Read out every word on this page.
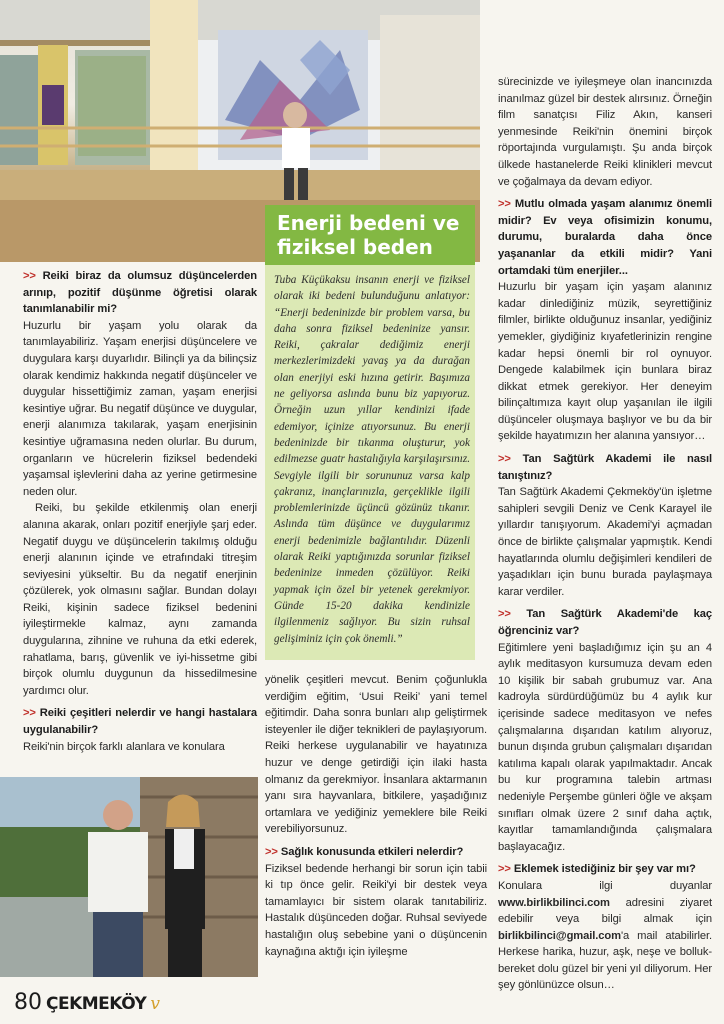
>> Reiki biraz da olumsuz düşüncelerden arınıp, pozitif düşünme öğretisi olarak tanımlanabilir mi?

Huzurlu bir yaşam yolu olarak da tanımlayabiliriz. Yaşam enerjisi düşüncelere ve duygulara karşı duyarlıdır. Bilinçli ya da bilinçsiz olarak kendimiz hakkında negatif düşünceler ve duygular hissettiğimiz zaman, yaşam enerjisi kesintiye uğrar. Bu negatif düşünce ve duygular, enerji alanımıza takılarak, yaşam enerjisinin kesintiye uğramasına neden olurlar. Bu durum, organların ve hücrelerin fiziksel bedendeki yaşamsal işlevlerini daha az yerine getirmesine neden olur.

Reiki, bu şekilde etkilenmiş olan enerji alanına akarak, onları pozitif enerjiyle şarj eder. Negatif duygu ve düşüncelerin takılmış olduğu enerji alanının içinde ve etrafındaki titreşim seviyesini yükseltir. Bu da negatif enerjinin çözülerek, yok olmasını sağlar. Bundan dolayı Reiki, kişinin sadece fiziksel bedenini iyileştirmekle kalmaz, aynı zamanda duygularına, zihnine ve ruhuna da etki ederek, rahatlama, barış, güvenlik ve iyi-hissetme gibi birçok olumlu duygunun da hissedilmesine yardımcı olur.

>> Reiki çeşitleri nelerdir ve hangi hastalara uygulanabilir?

Reiki'nin birçok farklı alanlara ve konulara

Enerji bedeni ve fiziksel beden

Tuba Küçükaksu insanın enerji ve fiziksel olarak iki bedeni bulunduğunu anlatıyor: “Enerji bedeninizde bir problem varsa, bu daha sonra fiziksel bedeninize yansır. Reiki, çakralar dediğimiz enerji merkezlerimizdeki yavaş ya da durağan olan enerjiyi eski hızına getirir. Başımıza ne geliyorsa aslında bunu biz yapıyoruz. Örneğin uzun yıllar kendinizi ifade edemiyor, içinize atıyorsunuz. Bu enerji bedeninizde bir tıkanma oluşturur, yok edilmezse guatr hastalığıyla karşılaşırsınız. Sevgiyle ilgili bir sorununuz varsa kalp çakranız, inançlarınızla, gerçeklikle ilgili problemlerinizde üçüncü gözünüz tıkanır. Aslında tüm düşünce ve duygularımız enerji bedenimizle bağlantılıdır. Düzenli olarak Reiki yaptığınızda sorunlar fiziksel bedeninize inmeden çözülüyor. Reiki yapmak için özel bir yetenek gerekmiyor. Günde 15-20 dakika kendinizle ilgilenmeniz sağlıyor. Bu sizin ruhsal gelişiminiz için çok önemli.”

yönelik çeşitleri mevcut. Benim çoğunlukla verdiğim eğitim, ‘Usui Reiki’ yani temel eğitimdir. Daha sonra bunları alıp geliştirmek isteyenler ile diğer teknikleri de paylaşıyorum. Reiki herkese uygulanabilir ve hayatınıza huzur ve denge getirdiği için ilaki hasta olmanız da gerekmiyor. İnsanlara aktarmanın yanı sıra hayvanlara, bitkilere, yaşadığınız ortamlara ve yediğiniz yemeklere bile Reiki verebiliyorsunuz.

>> Sağlık konusunda etkileri nelerdir?

Fiziksel bedende herhangi bir sorun için tabii ki tıp önce gelir. Reiki'yi bir destek veya tamamlayıcı bir sistem olarak tanıtabiliriz. Hastalık düşünceden doğar. Ruhsal seviyede hastalığın oluş sebebine yani o düşüncenin kaynağına aktığı için iyileşme

sürecinizde ve iyileşmeye olan inancınızda inanılmaz güzel bir destek alırsınız. Örneğin film sanatçısı Filiz Akın, kanseri yenmesinde Reiki'nin önemini birçok röportajında vurgulamıştı. Şu anda birçok ülkede hastanelerde Reiki klinikleri mevcut ve çoğalmaya da devam ediyor.

>> Mutlu olmada yaşam alanımız önemli midir? Ev veya ofisimizin konumu, durumu, buralarda daha önce yaşananlar da etkili midir? Yani ortamdaki tüm enerjiler...

Huzurlu bir yaşam için yaşam alanınız kadar dinlediğiniz müzik, seyrettiğiniz filmler, birlikte olduğunuz insanlar, yediğiniz yemekler, giydiğiniz kıyafetlerinizin rengine kadar hepsi önemli bir rol oynuyor. Dengede kalabilmek için bunlara biraz dikkat etmek gerekiyor. Her deneyim bilinçaltımıza kayıt olup yaşanılan ile ilgili düşünceler oluşmaya başlıyor ve bu da bir şekilde hayatımızın her alanına yansıyor…

>> Tan Sağtürk Akademi ile nasıl tanıştınız?

Tan Sağtürk Akademi Çekmeköy'ün işletme sahipleri sevgili Deniz ve Cenk Karayel ile yıllardır tanışıyorum. Akademi'yi açmadan önce de birlikte çalışmalar yapmıştık. Kendi hayatlarında olumlu değişimleri kendileri de yaşadıkları için bunu burada paylaşmaya karar verdiler.

>> Tan Sağtürk Akademi'de kaç öğrenciniz var?

Eğitimlere yeni başladığımız için şu an 4 aylık meditasyon kursumuza devam eden 10 kişilik bir sabah grubumuz var. Ana kadroyla sürdürdüğümüz bu 4 aylık kur içerisinde sadece meditasyon ve nefes çalışmalarına dışarıdan katılım alıyoruz, bunun dışında grubun çalışmaları dışarıdan katılıma kapalı olarak yapılmaktadır. Ancak bu kur programına talebin artması nedeniyle Perşembe günleri öğle ve akşam sınıfları olmak üzere 2 sınıf daha açtık, kayıtlar tamamlandığında çalışmalara başlayacağız.

>> Eklemek istediğiniz bir şey var mı?

Konulara ilgi duyanlar www.birlikbilinci.com adresini ziyaret edebilir veya bilgi almak için birlikbilinci@gmail.com'a mail atabilirler. Herkese harika, huzur, aşk, neşe ve bolluk- bereket dolu güzel bir yeni yıl diliyorum. Her şey gönlünüzce olsun…

80 ÇEKMEKÖY v
